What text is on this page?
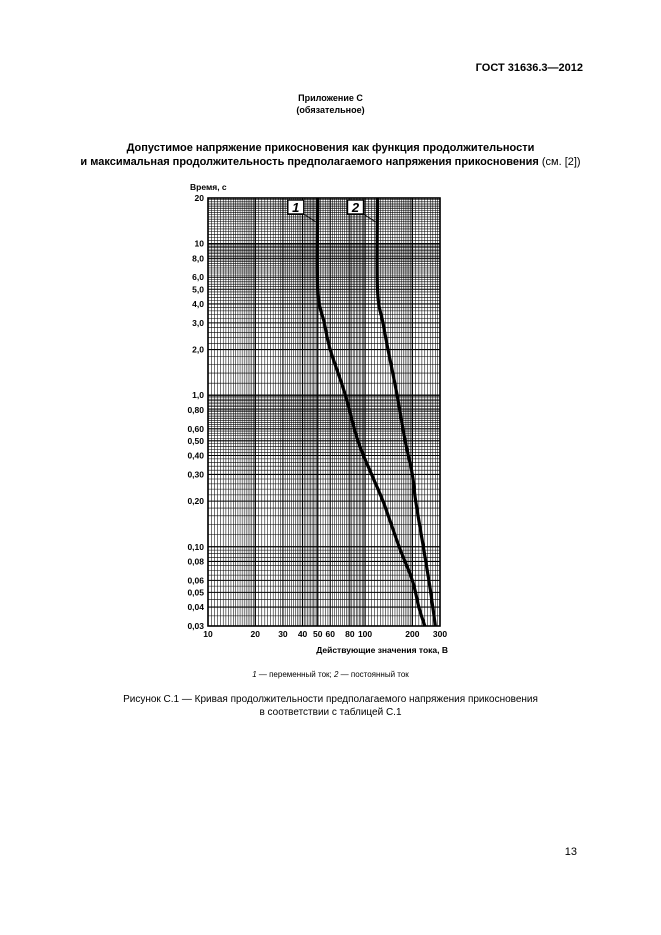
ГОСТ 31636.3—2012
Приложение С
(обязательное)
Допустимое напряжение прикосновения как функция продолжительности
и максимальная продолжительность предполагаемого напряжения прикосновения (см. [2])
20
10
8,0
6,0
5,0
4,0
3,0
2,0
1,0
0,80
0,60
0,50
0,40
0,30
0,20
0,10
0,08
0,06
0,05
0,04
0,03
10	20 30 40 50 60 80 100	200 300
1	2
Время, с
Действующие значения тока, В
1 — переменный ток; 2 — постоянный ток
Рисунок С.1 — Кривая продолжительности предполагаемого напряжения прикосновения
в соответствии с таблицей С.1
13
